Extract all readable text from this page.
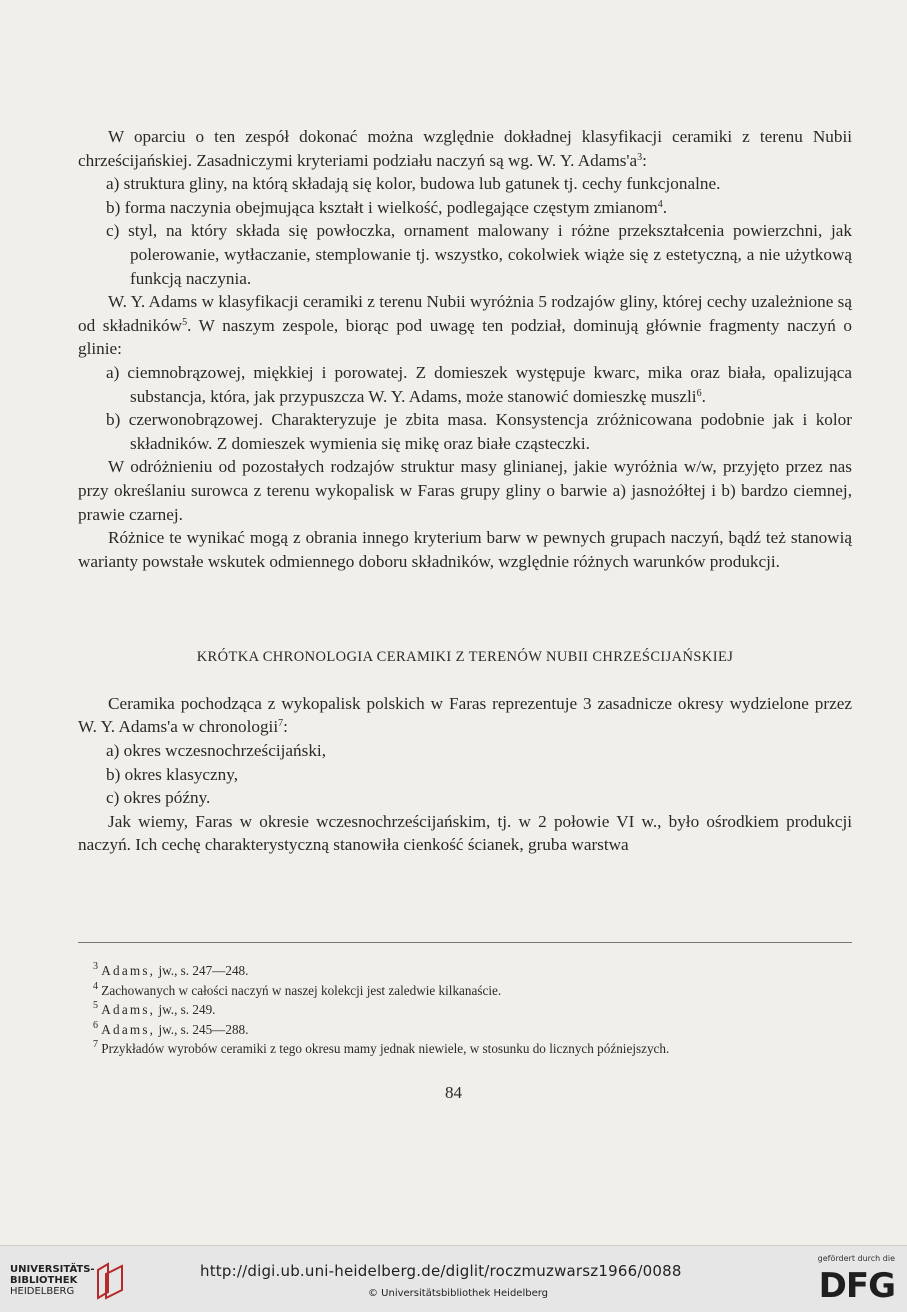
W oparciu o ten zespół dokonać można względnie dokładnej klasyfikacji ceramiki z terenu Nubii chrześcijańskiej. Zasadniczymi kryteriami podziału naczyń są wg. W. Y. $Adams'a^3$:

a) struktura gliny, na którą składają się kolor, budowa lub gatunek tj. cechy funkcjonalne.

b) forma naczynia obejmująca kształt i wielkość, podlegające częstym zmianom$^4$.

c) styl, na który składa się powłoczka, ornament malowany i różne przekształcenia powierzchni, jak polerowanie, wytłaczanie, stemplowanie tj. wszystko, cokolwiek wiąże się z estetyczną, a nie użytkową funkcją naczynia.

W. Y. Adams w klasyfikacji ceramiki z terenu Nubii wyróżnia 5 rodzajów gliny, której cechy uzależnione są od składników$^5$. W naszym zespole, biorąc pod uwagę ten podział, dominują głównie fragmenty naczyń o glinie:

a) ciemnobrązowej, miękkiej i porowatej. Z domieszek występuje kwarc, mika oraz biała, opalizująca substancja, która, jak przypuszcza W. Y. Adams, może stanowić domieszkę muszli$^6$.

b) czerwonobrązowej. Charakteryzuje je zbita masa. Konsystencja zróżnicowana podobnie jak i kolor składników. Z domieszek wymienia się mikę oraz białe cząsteczki.

W odróżnieniu od pozostałych rodzajów struktur masy glinianej, jakie wyróżnia w/w, przyjęto przez nas przy określaniu surowca z terenu wykopalisk w Faras grupy gliny o barwie a) jasnożółtej i b) bardzo ciemnej, prawie czarnej.

Różnice te wynikać mogą z obrania innego kryterium barw w pewnych grupach naczyń, bądź też stanowią warianty powstałe wskutek odmiennego doboru składników, względnie różnych warunków produkcji.

KRÓTKA CHRONOLOGIA CERAMIKI Z TERENÓW NUBII CHRZEŚCIJAŃSKIEJ

Ceramika pochodząca z wykopalisk polskich w Faras reprezentuje 3 zasadnicze okresy wydzielone przez W. Y. Adams'a w chronologii$^7$:

a) okres wczesnochrześcijański,

b) okres klasyczny,

c) okres późny.

Jak wiemy, Faras w okresie wczesnochrześcijańskim, tj. w 2 połowie VI w., było ośrodkiem produkcji naczyń. Ich cechę charakterystyczną stanowiła cienkość ścianek, gruba warstwa

$^3$ Adams, jw., s. 247—248.

$^4$ Zachowanych w całości naczyń w naszej kolekcji jest zaledwie kilkanaście.

$^5$ Adams, jw., s. 249.

$^6$ Adams, jw., s. 245—288.

$^7$ Przykładów wyrobów ceramiki z tego okresu mamy jednak niewiele, w stosunku do licznych późniejszych.

84
UNIVERSITÄTS-
BIBLIOTHEK
HEIDELBERG
http://digi.ub.uni-heidelberg.de/diglit/roczmuzwarsz1966/0088
© Universitätsbibliothek Heidelberg
gefördert durch die
DFG
